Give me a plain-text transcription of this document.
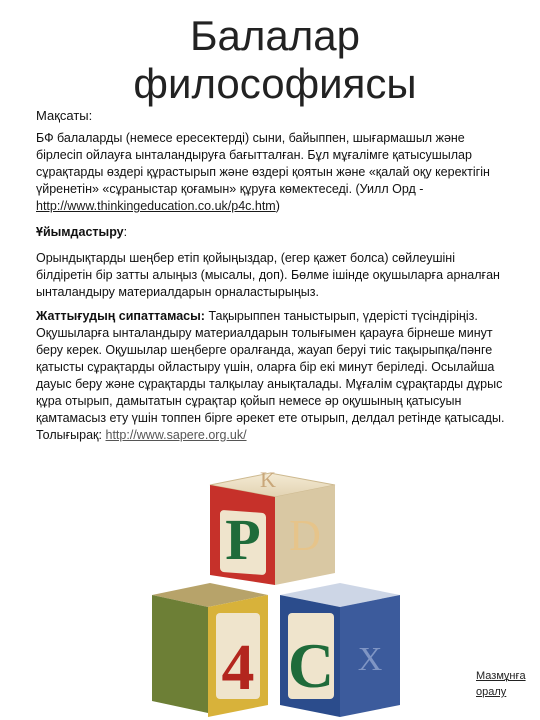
Балалар
философиясы
Мақсаты:

БФ балаларды (немесе ересектерді) сыни, байыппен, шығармашыл және бірлесіп ойлауға ынталандыруға бағытталған. Бұл мұғалімге қатысушылар сұрақтарды өздері құрастырып және өздері қоятын және «қалай оқу керектігін үйренетін» «сұраныстар қоғамын» құруға көмектеседі. (Уилл Орд - http://www.thinkingeducation.co.uk/p4c.htm)

Ұйымдастыру:

Орындықтарды шеңбер етіп қойыңыздар, (егер қажет болса) сөйлеушіні білдіретін бір затты алыңыз (мысалы, доп). Бөлме ішінде оқушыларға арналған ынталандыру материалдарын орналастырыңыз.

Жаттығудың сипаттамасы: Тақырыппен таныстырып, үдерісті түсіндіріңіз. Оқушыларға ынталандыру материалдарын толығымен қарауға бірнеше минут беру керек. Оқушылар шеңберге оралғанда, жауап беруі тиіс тақырыпқа/пәнге қатысты сұрақтарды ойластыру үшін, оларға бір екі минут беріледі. Осылайша дауыс беру және сұрақтарды талқылау анықталады. Мұғалім сұрақтарды дұрыс құра отырып, дамытатын сұрақтар қойып немесе әр оқушының қатысуын қамтамасыз ету үшін топпен бірге әрекет ете отырып, делдал ретінде қатысады. Толығырақ: http://www.sapere.org.uk/

P D
K
4 C X	Мазмұнға оралу
